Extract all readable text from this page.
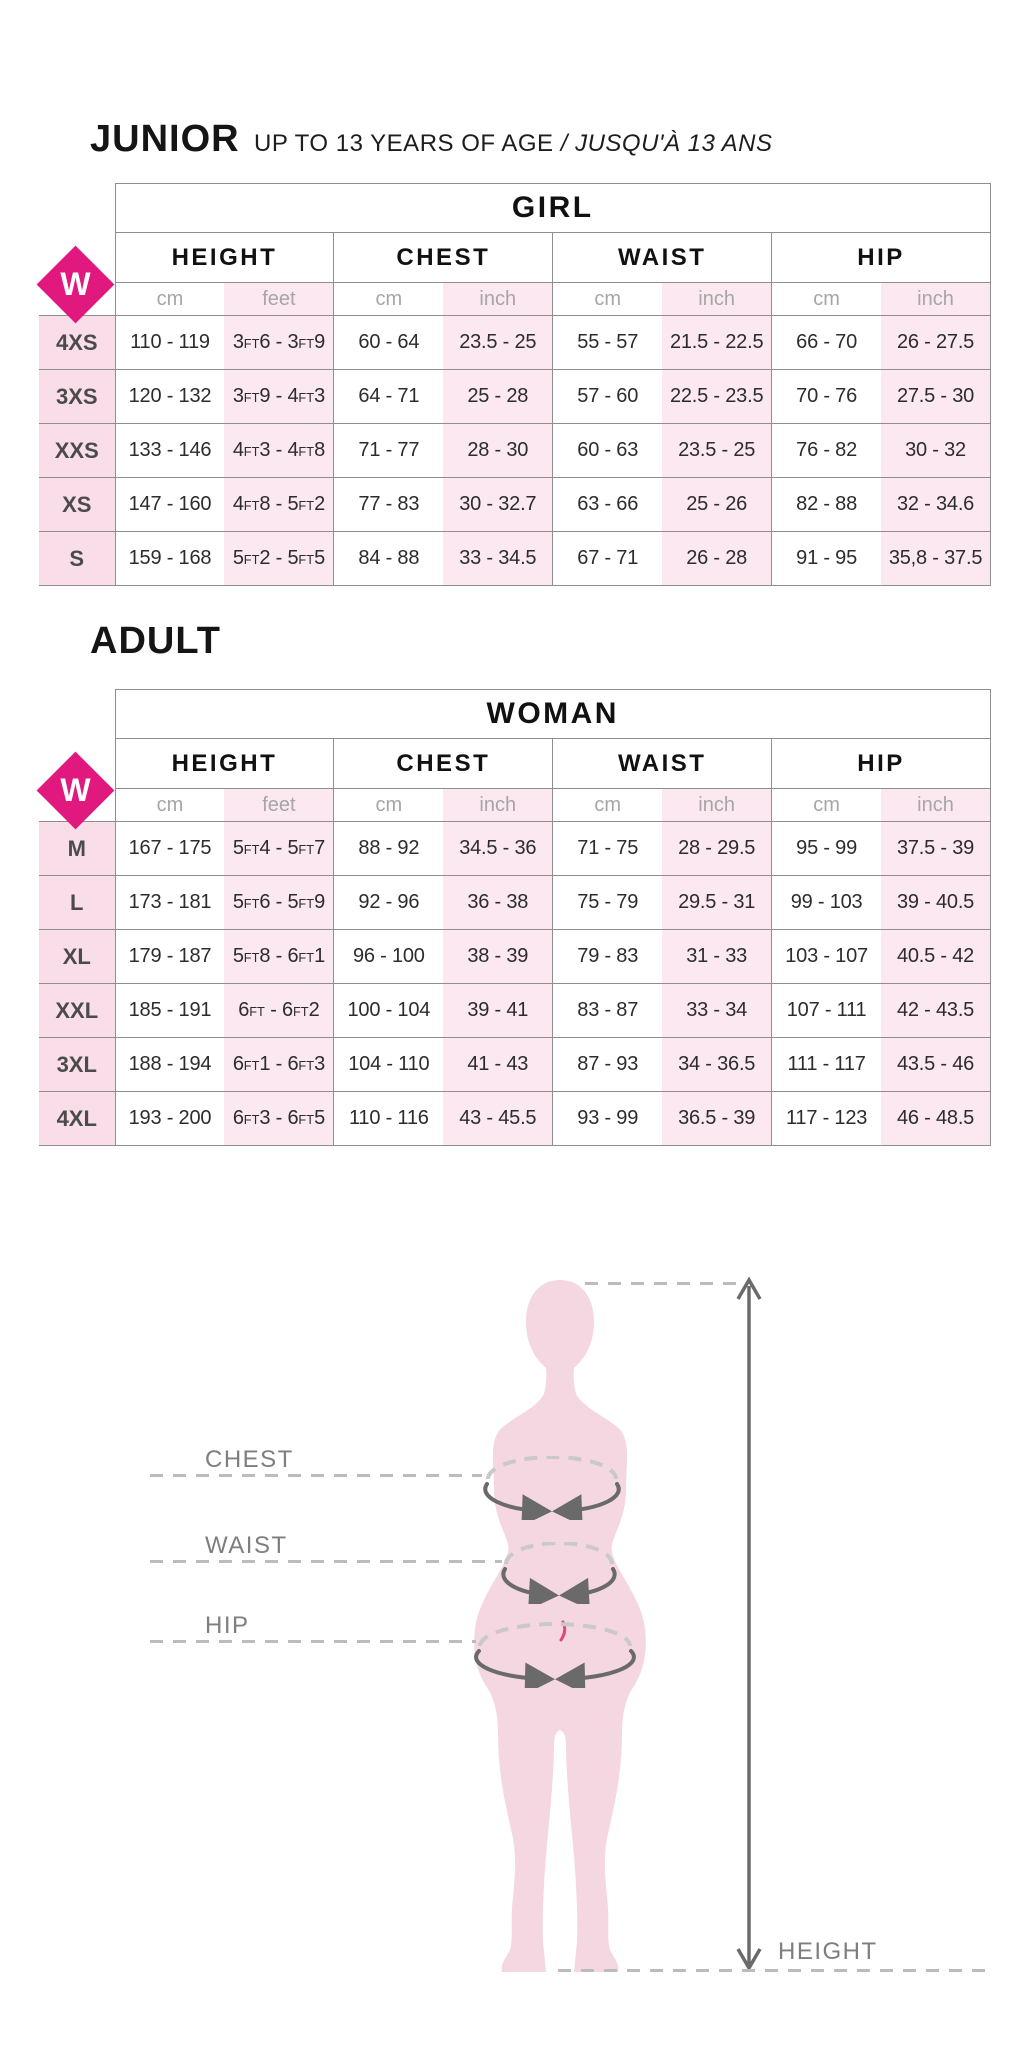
JUNIOR UP TO 13 YEARS OF AGE / JUSQU'À 13 ANS
W
	GIRL							
	HEIGHT		CHEST		WAIST		HIP	
	cm	feet	cm	inch	cm	inch	cm	inch
4XS	110 - 119	3FT6 - 3FT9	60 - 64	23.5 - 25	55 - 57	21.5 - 22.5	66 - 70	26 - 27.5
3XS	120 - 132	3FT9 - 4FT3	64 - 71	25 - 28	57 - 60	22.5 - 23.5	70 - 76	27.5 - 30
XXS	133 - 146	4FT3 - 4FT8	71 - 77	28 - 30	60 - 63	23.5 - 25	76 - 82	30 - 32
XS	147 - 160	4FT8 - 5FT2	77 - 83	30 - 32.7	63 - 66	25 - 26	82 - 88	32 - 34.6
S	159 - 168	5FT2 - 5FT5	84 - 88	33 - 34.5	67 - 71	26 - 28	91 - 95	35,8 - 37.5
ADULT
W
	WOMAN							
	HEIGHT		CHEST		WAIST		HIP	
	cm	feet	cm	inch	cm	inch	cm	inch
M	167 - 175	5FT4 - 5FT7	88 - 92	34.5 - 36	71 - 75	28 - 29.5	95 - 99	37.5 - 39
L	173 - 181	5FT6 - 5FT9	92 - 96	36 - 38	75 - 79	29.5 - 31	99 - 103	39 - 40.5
XL	179 - 187	5FT8 - 6FT1	96 - 100	38 - 39	79 - 83	31 - 33	103 - 107	40.5 - 42
XXL	185 - 191	6FT - 6FT2	100 - 104	39 - 41	83 - 87	33 - 34	107 - 111	42 - 43.5
3XL	188 - 194	6FT1 - 6FT3	104 - 110	41 - 43	87 - 93	34 - 36.5	111 - 117	43.5 - 46
4XL	193 - 200	6FT3 - 6FT5	110 - 116	43 - 45.5	93 - 99	36.5 - 39	117 - 123	46 - 48.5
CHEST
WAIST
HIP
HEIGHT
